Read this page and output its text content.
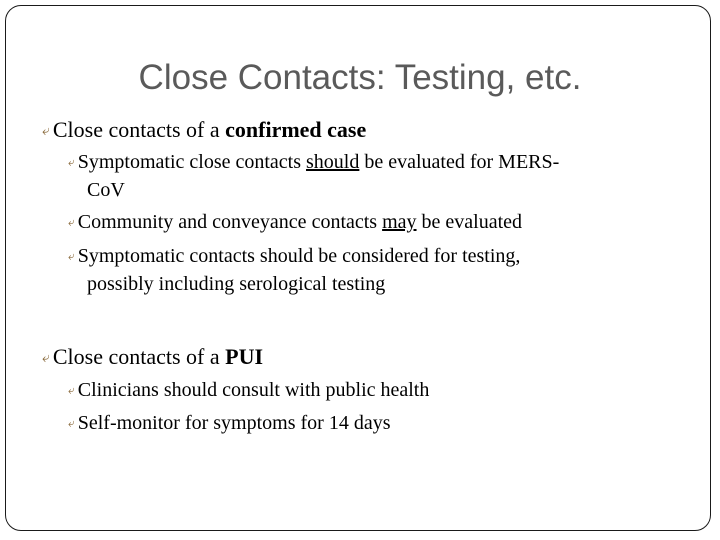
Close Contacts: Testing, etc.
⤶ Close contacts of a confirmed case
⤶ Symptomatic close contacts should be evaluated for MERS-
CoV
⤶ Community and conveyance contacts may be evaluated
⤶ Symptomatic contacts should be considered for testing,
possibly including serological testing
⤶ Close contacts of a PUI
⤶ Clinicians should consult with public health
⤶ Self-monitor for symptoms for 14 days
